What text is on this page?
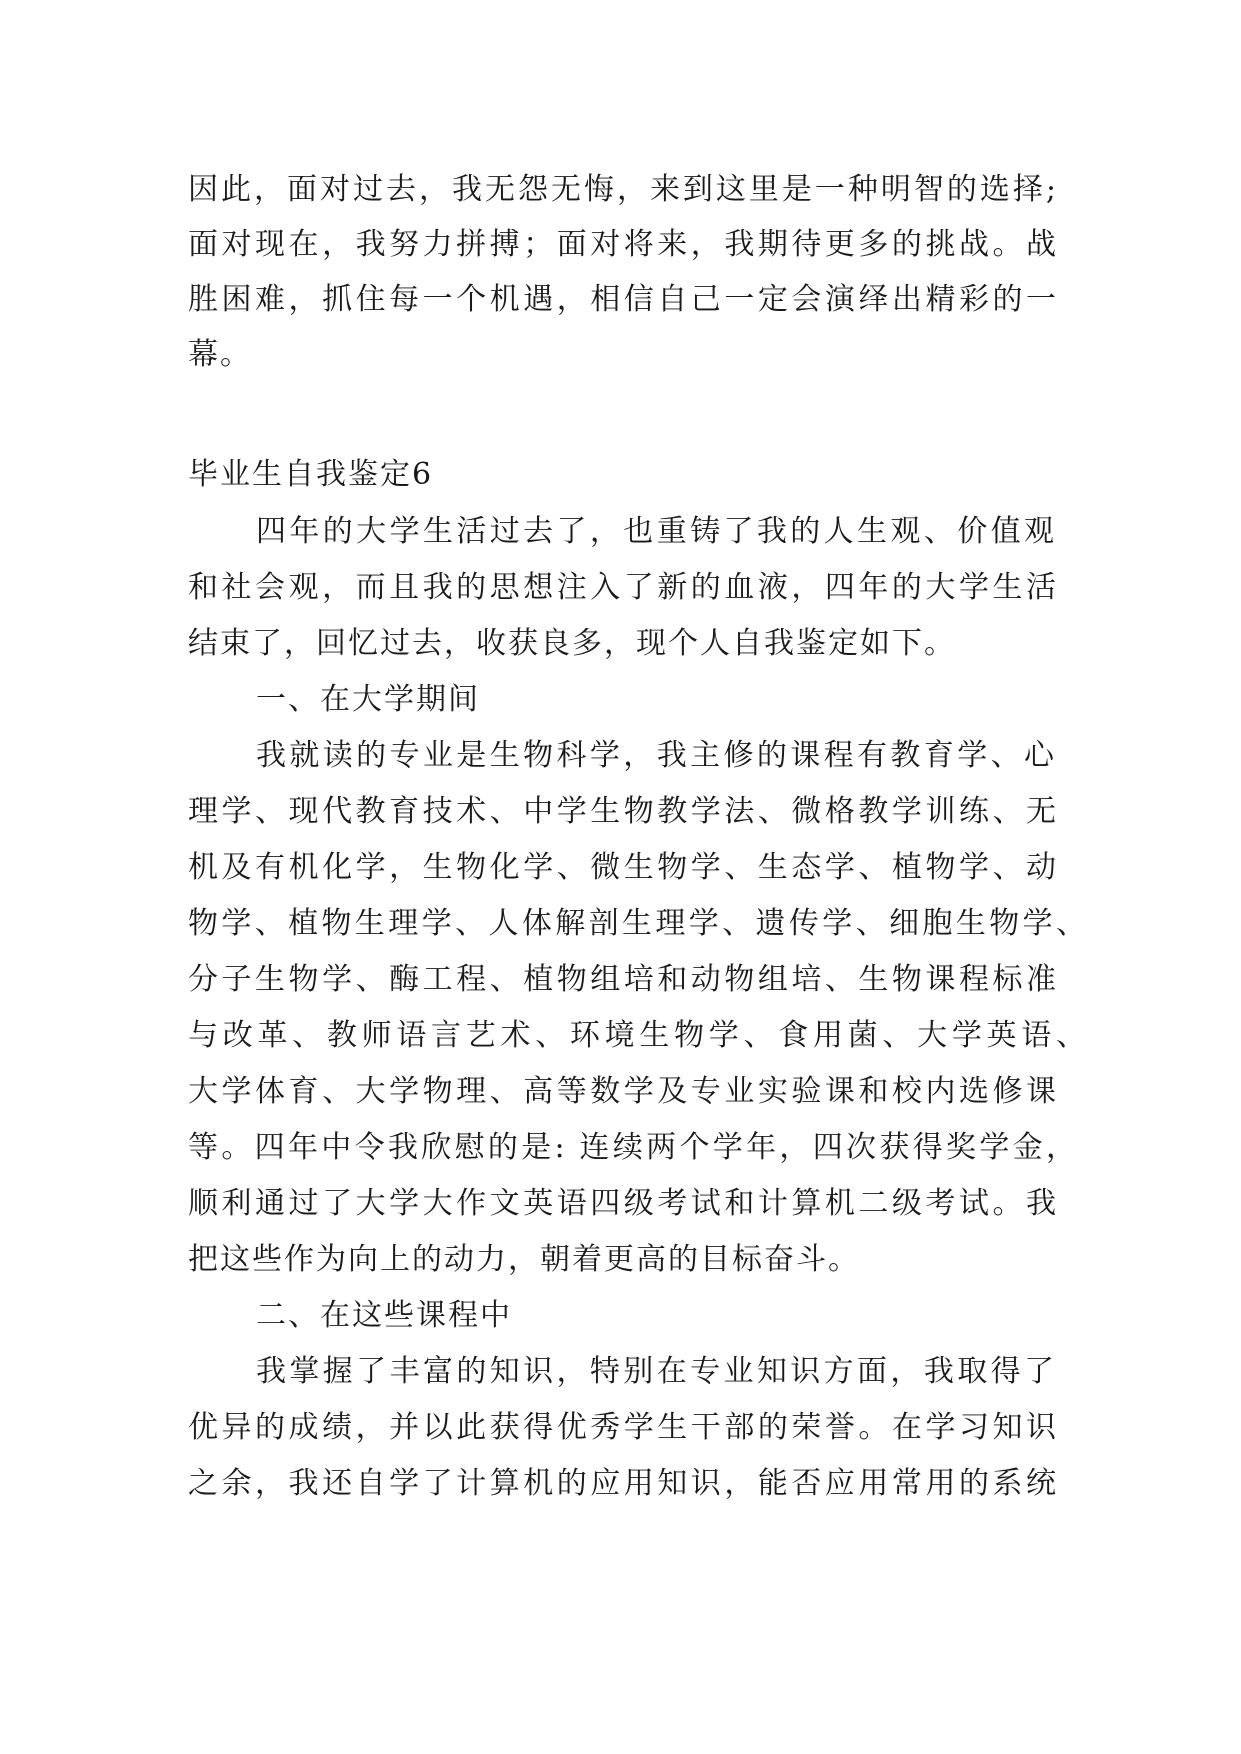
因此，面对过去，我无怨无悔，来到这里是一种明智的选择;
面对现在，我努力拼搏；面对将来，我期待更多的挑战。战
胜困难，抓住每一个机遇，相信自己一定会演绎出精彩的一
幕。
毕业生自我鉴定6
四年的大学生活过去了，也重铸了我的人生观、价值观
和社会观，而且我的思想注入了新的血液，四年的大学生活
结束了，回忆过去，收获良多，现个人自我鉴定如下。
一、在大学期间
我就读的专业是生物科学，我主修的课程有教育学、心
理学、现代教育技术、中学生物教学法、微格教学训练、无
机及有机化学，生物化学、微生物学、生态学、植物学、动
物学、植物生理学、人体解剖生理学、遗传学、细胞生物学、
分子生物学、酶工程、植物组培和动物组培、生物课程标准
与改革、教师语言艺术、环境生物学、食用菌、大学英语、
大学体育、大学物理、高等数学及专业实验课和校内选修课
等。四年中令我欣慰的是: 连续两个学年，四次获得奖学金，
顺利通过了大学大作文英语四级考试和计算机二级考试。我
把这些作为向上的动力，朝着更高的目标奋斗。
二、在这些课程中
我掌握了丰富的知识，特别在专业知识方面，我取得了
优异的成绩，并以此获得优秀学生干部的荣誉。在学习知识
之余，我还自学了计算机的应用知识，能否应用常用的系统
